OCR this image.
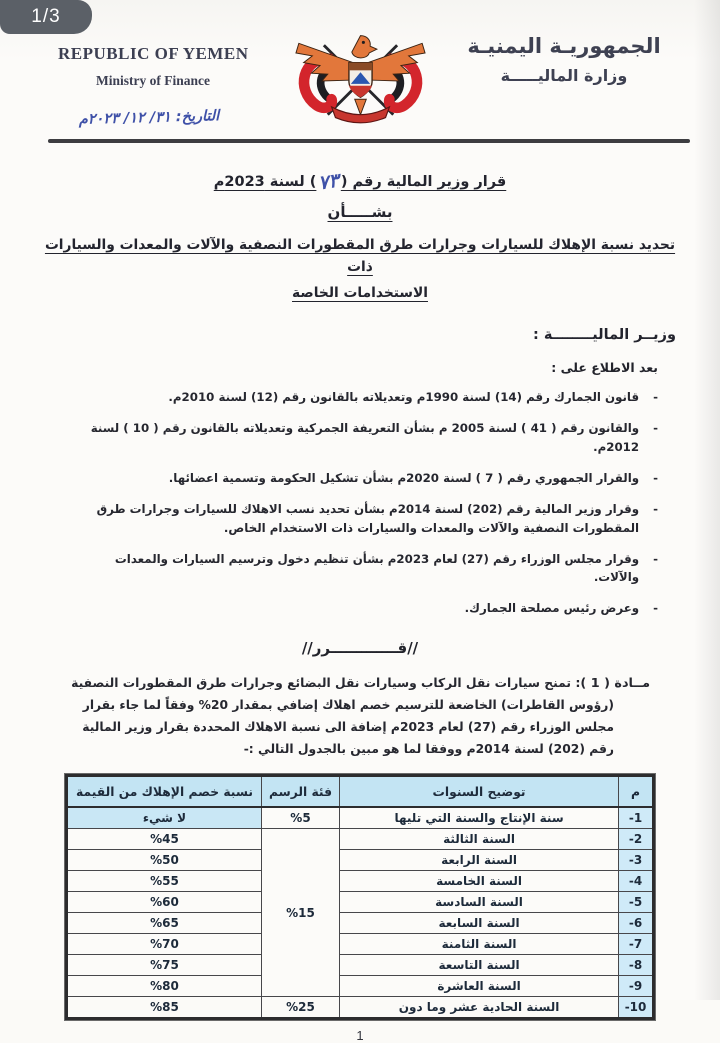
1/3
REPUBLIC OF YEMEN
Ministry of Finance
الجمهوريـة اليمنيـة
وزارة الماليـــــة
التاريخ: ٣١/ ١٢/ ٢٠٢٣م
قرار وزير المالية رقم (٧٣) لسنة 2023م
بشـــــأن
تحديد نسبة الإهلاك للسيارات وجرارات طرق المقطورات النصفية والآلات والمعدات والسيارات ذات
الاستخدامات الخاصة
وزيــر الماليــــــــة :
بعد الاطلاع على :
-
قانون الجمارك رقم (14) لسنة 1990م وتعديلاته بالقانون رقم (12) لسنة 2010م.
-
والقانون رقم ( 41 ) لسنة 2005 م بشأن التعريفة الجمركية وتعديلاته بالقانون رقم ( 10 ) لسنة 2012م.
-
والقرار الجمهوري رقم ( 7 ) لسنة 2020م بشأن تشكيل الحكومة وتسمية اعضائها.
-
وقرار وزير المالية رقم (202) لسنة 2014م بشأن تحديد نسب الاهلاك للسيارات وجرارات طرق المقطورات النصفية والآلات والمعدات والسيارات ذات الاستخدام الخاص.
-
وقرار مجلس الوزراء رقم (27) لعام 2023م بشأن تنظيم دخول وترسيم السيارات والمعدات والآلات.
-
وعرض رئيس مصلحة الجمارك.
//قـــــــــــــرر//
مــادة ( 1 ): تمنح سيارات نقل الركاب وسيارات نقل البضائع وجرارات طرق المقطورات النصفية (رؤوس القاطرات) الخاضعة للترسيم خصم اهلاك إضافي بمقدار 20% وفقاً لما جاء بقرار مجلس الوزراء رقم (27) لعام 2023م إضافة الى نسبة الاهلاك المحددة بقرار وزير المالية رقم (202) لسنة 2014م ووفقا لما هو مبين بالجدول التالي :-
م	توضيح السنوات	فئة الرسم	نسبة خصم الإهلاك من القيمة
-1	سنة الإنتاج والسنة التي تليها	%5	لا شيء
-2	السنة الثالثة	%15	%45
-3	السنة الرابعة		%50
-4	السنة الخامسة		%55
-5	السنة السادسة		%60
-6	السنة السابعة		%65
-7	السنة الثامنة		%70
-8	السنة التاسعة		%75
-9	السنة العاشرة		%80
-10	السنة الحادية عشر وما دون	%25	%85
1
